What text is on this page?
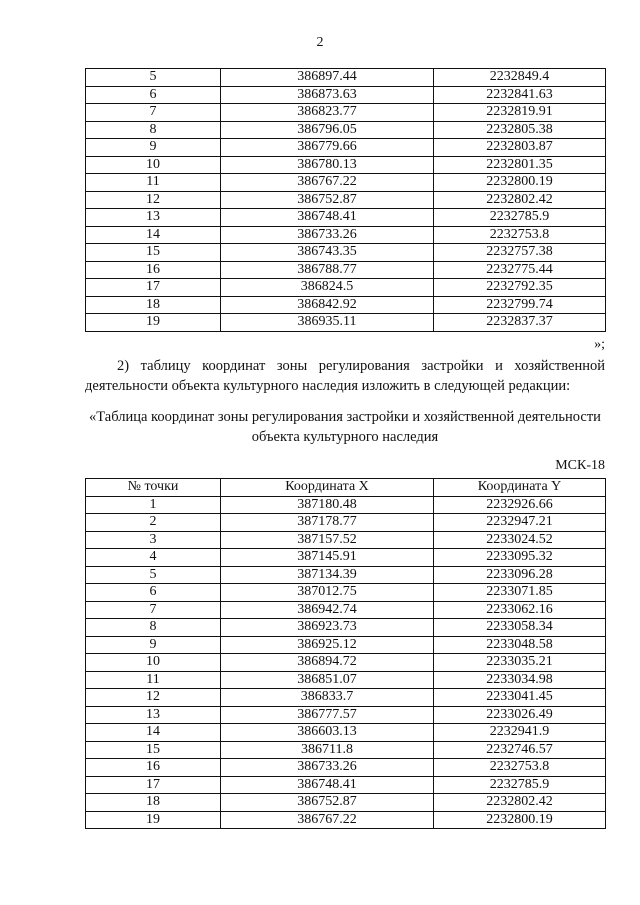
2
5	386897.44	2232849.4
6	386873.63	2232841.63
7	386823.77	2232819.91
8	386796.05	2232805.38
9	386779.66	2232803.87
10	386780.13	2232801.35
11	386767.22	2232800.19
12	386752.87	2232802.42
13	386748.41	2232785.9
14	386733.26	2232753.8
15	386743.35	2232757.38
16	386788.77	2232775.44
17	386824.5	2232792.35
18	386842.92	2232799.74
19	386935.11	2232837.37
»;
2) таблицу координат зоны регулирования застройки и хозяйственной деятельности объекта культурного наследия изложить в следующей редакции:
«Таблица координат зоны регулирования застройки и хозяйственной деятельности объекта культурного наследия
МСК-18
№ точки	Координата X	Координата Y
1	387180.48	2232926.66
2	387178.77	2232947.21
3	387157.52	2233024.52
4	387145.91	2233095.32
5	387134.39	2233096.28
6	387012.75	2233071.85
7	386942.74	2233062.16
8	386923.73	2233058.34
9	386925.12	2233048.58
10	386894.72	2233035.21
11	386851.07	2233034.98
12	386833.7	2233041.45
13	386777.57	2233026.49
14	386603.13	2232941.9
15	386711.8	2232746.57
16	386733.26	2232753.8
17	386748.41	2232785.9
18	386752.87	2232802.42
19	386767.22	2232800.19
